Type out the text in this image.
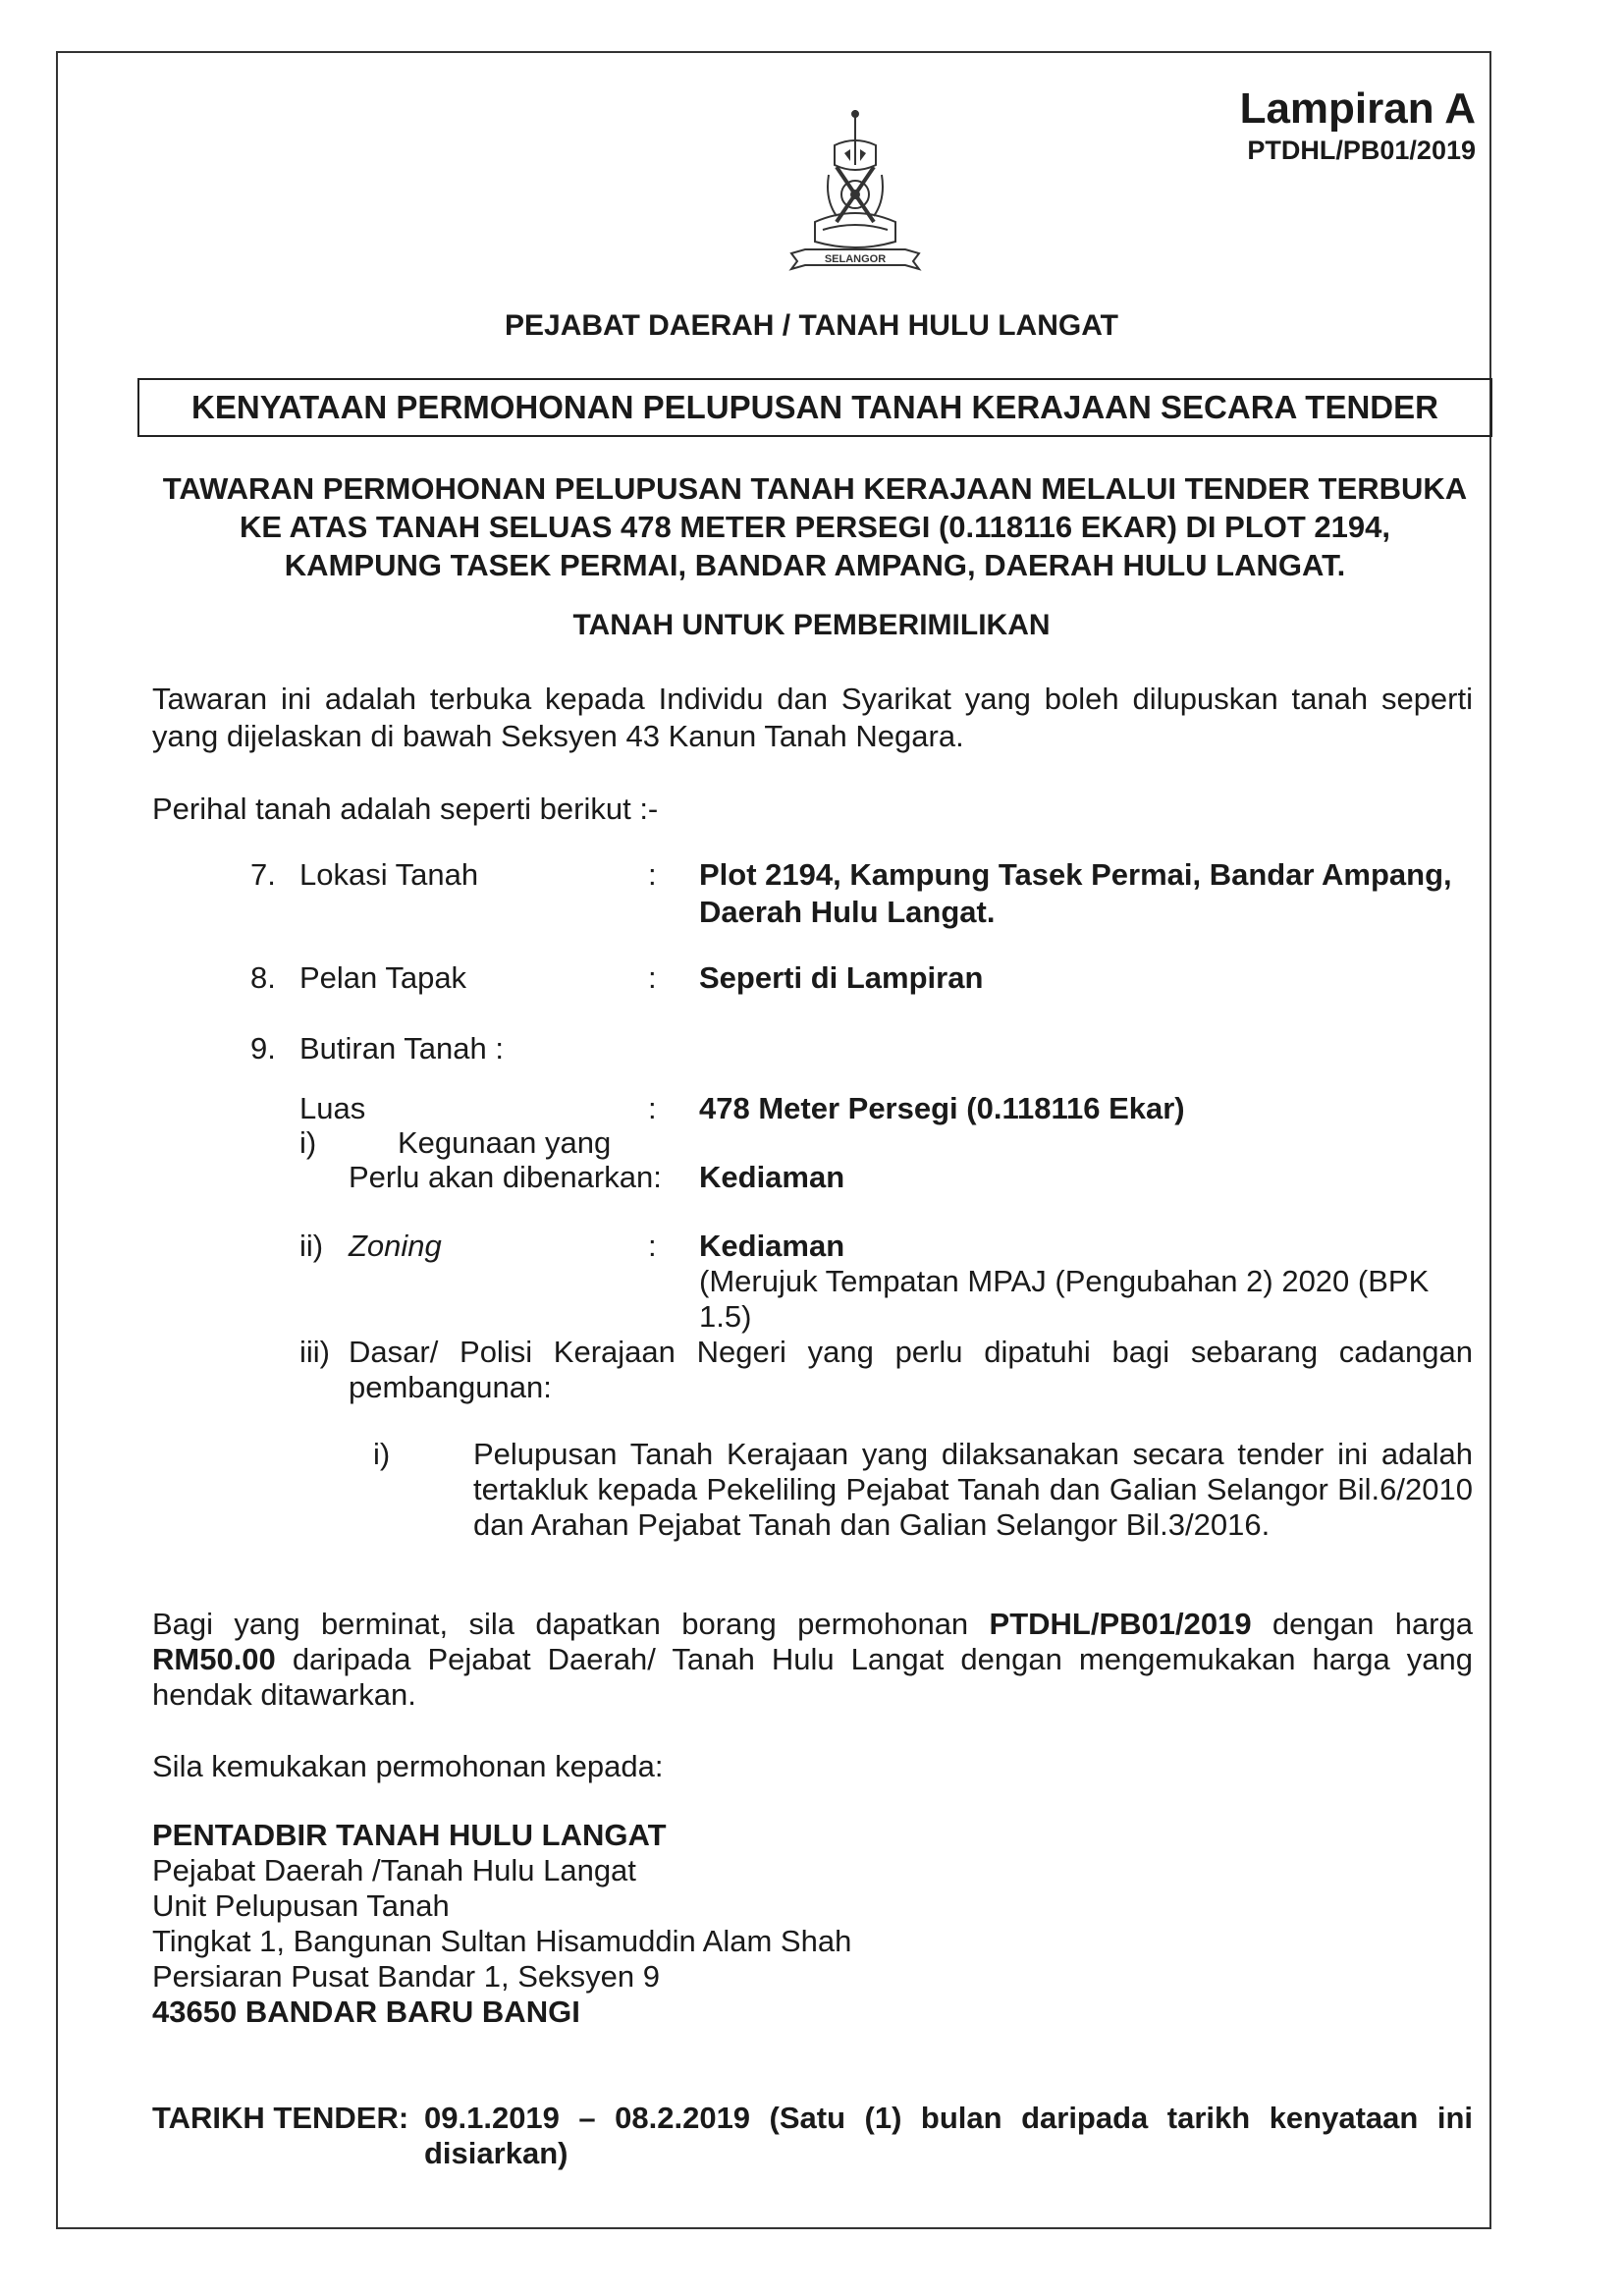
Lampiran A
PTDHL/PB01/2019
SELANGOR
PEJABAT DAERAH / TANAH HULU LANGAT
KENYATAAN PERMOHONAN PELUPUSAN TANAH KERAJAAN SECARA TENDER
TAWARAN PERMOHONAN PELUPUSAN TANAH KERAJAAN MELALUI TENDER TERBUKA
KE ATAS TANAH SELUAS 478 METER PERSEGI (0.118116 EKAR) DI PLOT 2194,
KAMPUNG TASEK PERMAI, BANDAR AMPANG, DAERAH HULU LANGAT.
TANAH UNTUK PEMBERIMILIKAN
Tawaran ini adalah terbuka kepada Individu dan Syarikat yang boleh dilupuskan tanah seperti
yang dijelaskan di bawah Seksyen 43 Kanun Tanah Negara.
Perihal tanah adalah seperti berikut :-
7. Lokasi Tanah	: Plot 2194, Kampung Tasek Permai, Bandar Ampang,
Daerah Hulu Langat.
8. Pelan Tapak	: Seperti di Lampiran
9. Butiran Tanah :
Luas	: 478 Meter Persegi (0.118116 Ekar)
i)	Kegunaan yang
Perlu akan dibenarkan: Kediaman
ii) Zoning	: Kediaman
(Merujuk Tempatan MPAJ (Pengubahan 2) 2020 (BPK
1.5)
iii) Dasar/ Polisi Kerajaan Negeri yang perlu dipatuhi bagi sebarang cadangan
pembangunan:
i)	Pelupusan Tanah Kerajaan yang dilaksanakan secara tender ini adalah
tertakluk kepada Pekeliling Pejabat Tanah dan Galian Selangor Bil.6/2010
dan Arahan Pejabat Tanah dan Galian Selangor Bil.3/2016.
Bagi yang berminat, sila dapatkan borang permohonan PTDHL/PB01/2019 dengan harga
RM50.00 daripada Pejabat Daerah/ Tanah Hulu Langat dengan mengemukakan harga yang
hendak ditawarkan.
Sila kemukakan permohonan kepada:
PENTADBIR TANAH HULU LANGAT
Pejabat Daerah /Tanah Hulu Langat
Unit Pelupusan Tanah
Tingkat 1, Bangunan Sultan Hisamuddin Alam Shah
Persiaran Pusat Bandar 1, Seksyen 9
43650 BANDAR BARU BANGI
TARIKH TENDER: 09.1.2019 – 08.2.2019 (Satu (1) bulan daripada tarikh kenyataan ini
disiarkan)
